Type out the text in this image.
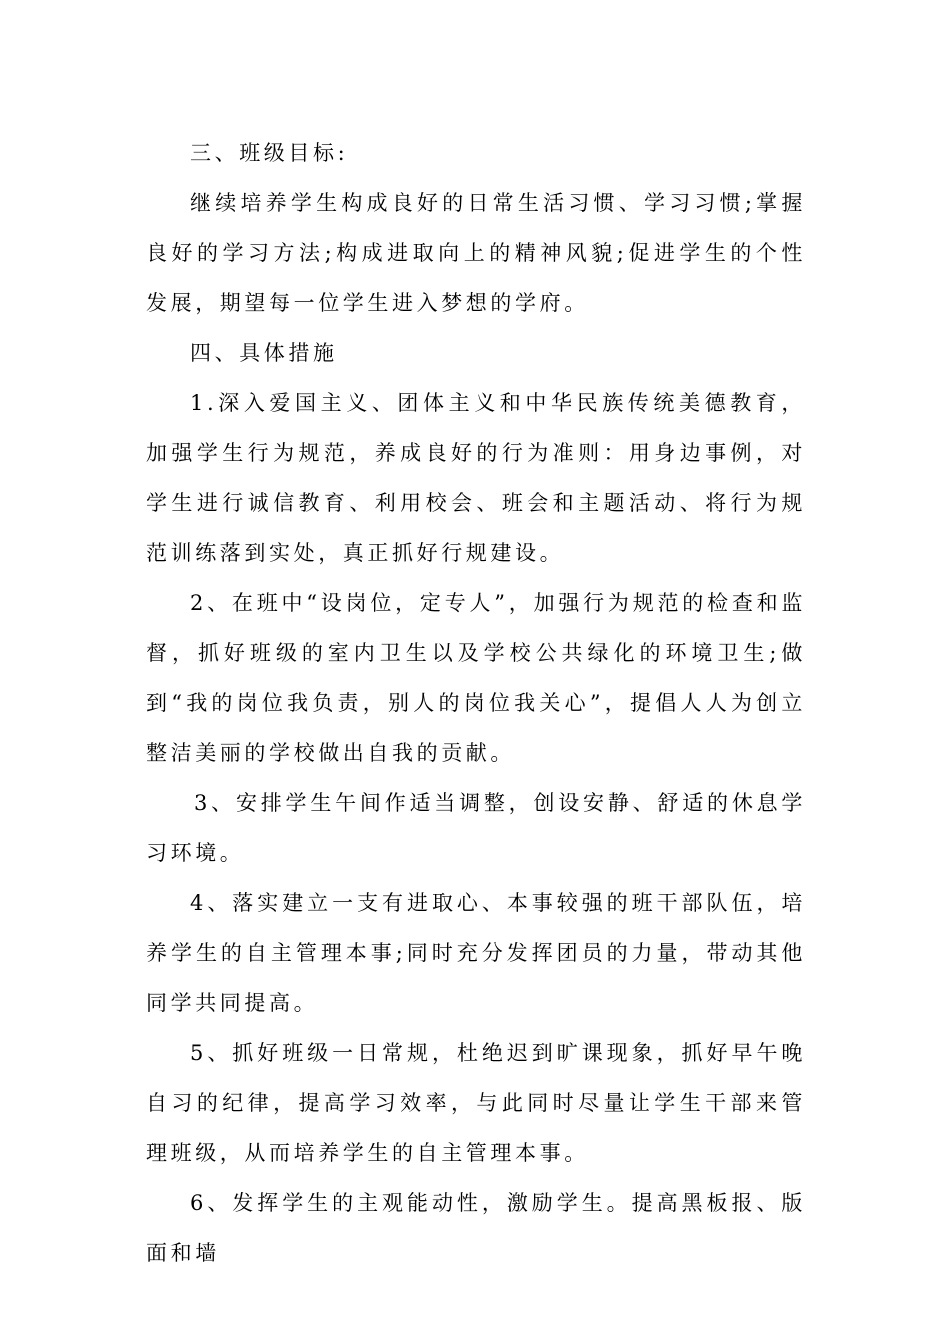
三、班级目标:

继续培养学生构成良好的日常生活习惯、学习习惯;掌握良好的学习方法;构成进取向上的精神风貌;促进学生的个性发展，期望每一位学生进入梦想的学府。

四、具体措施

1.深入爱国主义、团体主义和中华民族传统美德教育，加强学生行为规范，养成良好的行为准则：用身边事例，对学生进行诚信教育、利用校会、班会和主题活动、将行为规范训练落到实处，真正抓好行规建设。

2、在班中“设岗位，定专人”，加强行为规范的检查和监督，抓好班级的室内卫生以及学校公共绿化的环境卫生;做到“我的岗位我负责，别人的岗位我关心”，提倡人人为创立整洁美丽的学校做出自我的贡献。

3、安排学生午间作适当调整，创设安静、舒适的休息学习环境。

4、落实建立一支有进取心、本事较强的班干部队伍，培养学生的自主管理本事;同时充分发挥团员的力量，带动其他同学共同提高。

5、抓好班级一日常规，杜绝迟到旷课现象，抓好早午晚自习的纪律，提高学习效率，与此同时尽量让学生干部来管理班级，从而培养学生的自主管理本事。

6、发挥学生的主观能动性，激励学生。提高黑板报、版面和墙
